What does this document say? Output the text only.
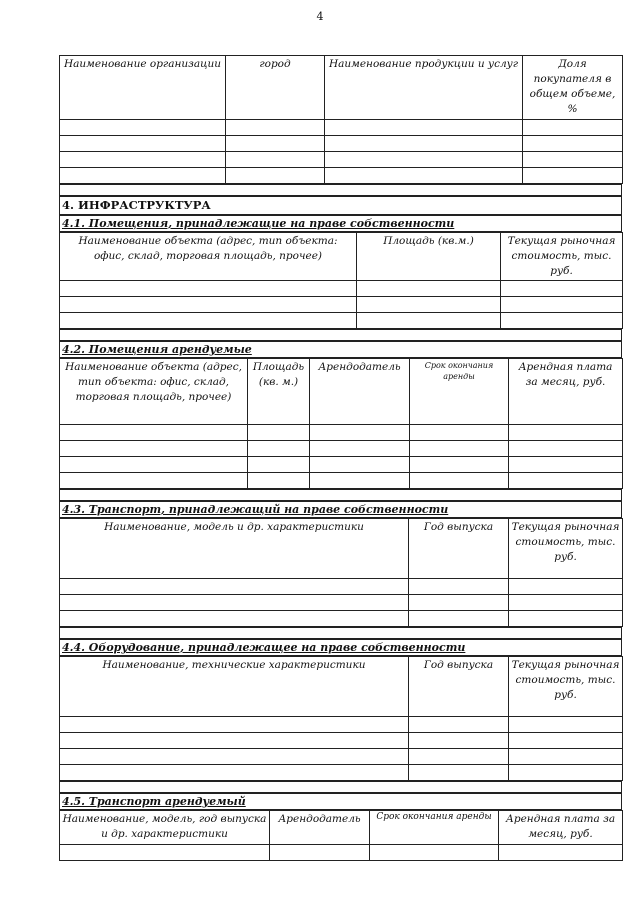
4
Наименование организации	город	Наименование продукции и услуг	Доля покупателя в общем объеме, %

4. ИНФРАСТРУКТУРА
4.1. Помещения, принадлежащие на праве собственности
Наименование объекта (адрес, тип объекта: офис, склад, торговая площадь, прочее)	Площадь (кв.м.)	Текущая рыночная стоимость, тыс. руб.

4.2. Помещения арендуемые
Наименование объекта (адрес, тип объекта: офис, склад, торговая площадь, прочее)	Площадь (кв. м.)	Арендодатель	Срок окончания аренды	Арендная плата за месяц, руб.

4.3. Транспорт, принадлежащий на праве собственности
Наименование, модель и др. характеристики	Год выпуска	Текущая рыночная стоимость, тыс. руб.

4.4. Оборудование, принадлежащее на праве собственности
Наименование, технические характеристики	Год выпуска	Текущая рыночная стоимость, тыс. руб.

4.5. Транспорт арендуемый
Наименование, модель, год выпуска и др. характеристики	Арендодатель	Срок окончания аренды	Арендная плата за месяц, руб.
